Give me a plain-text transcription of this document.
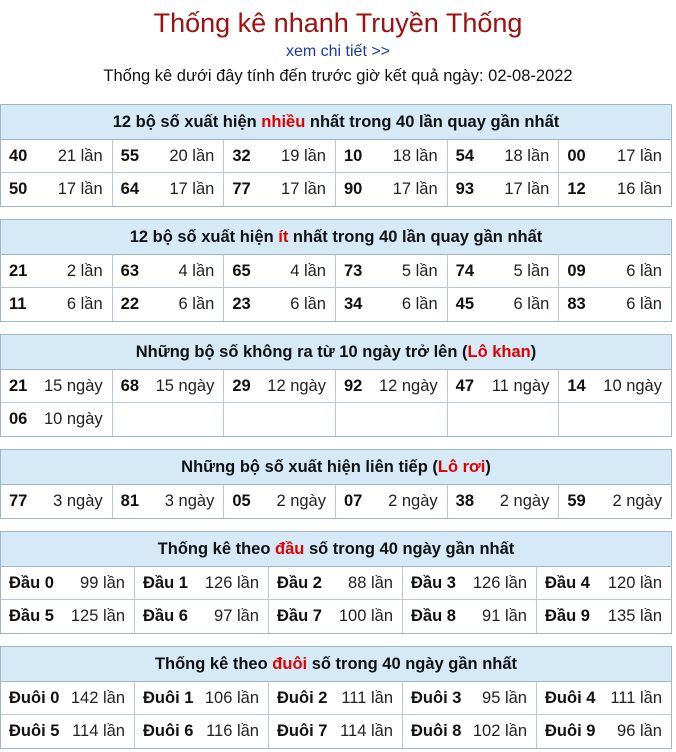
Thống kê nhanh Truyền Thống
xem chi tiết >>
Thống kê dưới đây tính đến trước giờ kết quả ngày: 02-08-2022
12 bộ số xuất hiện nhiều nhất trong 40 lần quay gần nhất
40 21 lần 55 20 lần 32 19 lần 10 18 lần 54 18 lần 00 17 lần
50 17 lần 64 17 lần 77 17 lần 90 17 lần 93 17 lần 12 16 lần
12 bộ số xuất hiện ít nhất trong 40 lần quay gần nhất
21 2 lần 63 4 lần 65 4 lần 73 5 lần 74 5 lần 09 6 lần
11 6 lần 22 6 lần 23 6 lần 34 6 lần 45 6 lần 83 6 lần
Những bộ số không ra từ 10 ngày trở lên (Lô khan)
21 15 ngày 68 15 ngày 29 12 ngày 92 12 ngày 47 11 ngày 14 10 ngày
06 10 ngày
Những bộ số xuất hiện liên tiếp (Lô rơi)
77 3 ngày 81 3 ngày 05 2 ngày 07 2 ngày 38 2 ngày 59 2 ngày
Thống kê theo đầu số trong 40 ngày gần nhất
Đầu 0 99 lần Đầu 1 126 lần Đầu 2 88 lần Đầu 3 126 lần Đầu 4 120 lần
Đầu 5 125 lần Đầu 6 97 lần Đầu 7 100 lần Đầu 8 91 lần Đầu 9 135 lần
Thống kê theo đuôi số trong 40 ngày gần nhất
Đuôi 0 142 lần Đuôi 1 106 lần Đuôi 2 111 lần Đuôi 3 95 lần Đuôi 4 111 lần
Đuôi 5 114 lần Đuôi 6 116 lần Đuôi 7 114 lần Đuôi 8 102 lần Đuôi 9 96 lần
